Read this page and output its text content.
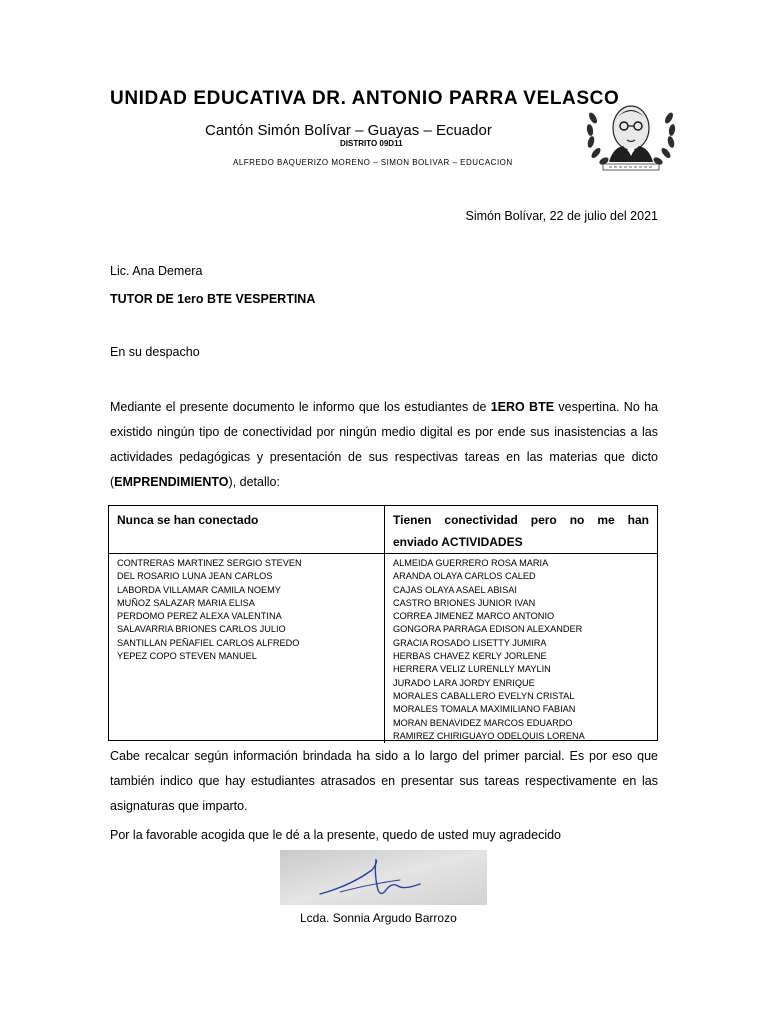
UNIDAD EDUCATIVA DR. ANTONIO PARRA VELASCO
Cantón Simón Bolívar – Guayas – Ecuador
DISTRITO 09D11
ALFREDO BAQUERIZO MORENO – SIMON BOLIVAR – EDUCACION
Simón Bolívar, 22 de julio del 2021
Lic. Ana Demera
TUTOR DE 1ero BTE VESPERTINA
En su despacho

Mediante el presente documento le informo que los estudiantes de 1ERO BTE vespertina. No ha existido ningún tipo de conectividad por ningún medio digital es por ende sus inasistencias a las actividades pedagógicas y presentación de sus respectivas tareas en las materias que dicto (EMPRENDIMIENTO), detallo:

Nunca se han conectado	Tienen conectividad pero no me han enviado ACTIVIDADES
CONTRERAS MARTINEZ SERGIO STEVEN
DEL ROSARIO LUNA JEAN CARLOS
LABORDA VILLAMAR CAMILA NOEMY
MUÑOZ SALAZAR MARIA ELISA
PERDOMO PEREZ ALEXA VALENTINA
SALAVARRIA BRIONES CARLOS JULIO
SANTILLAN PEÑAFIEL CARLOS ALFREDO
YEPEZ COPO STEVEN MANUEL
ALMEIDA GUERRERO ROSA MARIA
ARANDA OLAYA CARLOS CALED
CAJAS OLAYA ASAEL ABISAI
CASTRO BRIONES JUNIOR IVAN
CORREA JIMENEZ MARCO ANTONIO
GONGORA PARRAGA EDISON ALEXANDER
GRACIA ROSADO LISETTY JUMIRA
HERBAS CHAVEZ KERLY JORLENE
HERRERA VELIZ LURENLLY MAYLIN
JURADO LARA JORDY ENRIQUE
MORALES CABALLERO EVELYN CRISTAL
MORALES TOMALA MAXIMILIANO FABIAN
MORAN BENAVIDEZ MARCOS EDUARDO
RAMIREZ CHIRIGUAYO ODELQUIS LORENA

Cabe recalcar según información brindada ha sido a lo largo del primer parcial. Es por eso que también indico que hay estudiantes atrasados en presentar sus tareas respectivamente en las asignaturas que imparto.

Por la favorable acogida que le dé a la presente, quedo de usted muy agradecido

Lcda. Sonnia Argudo Barrozo
